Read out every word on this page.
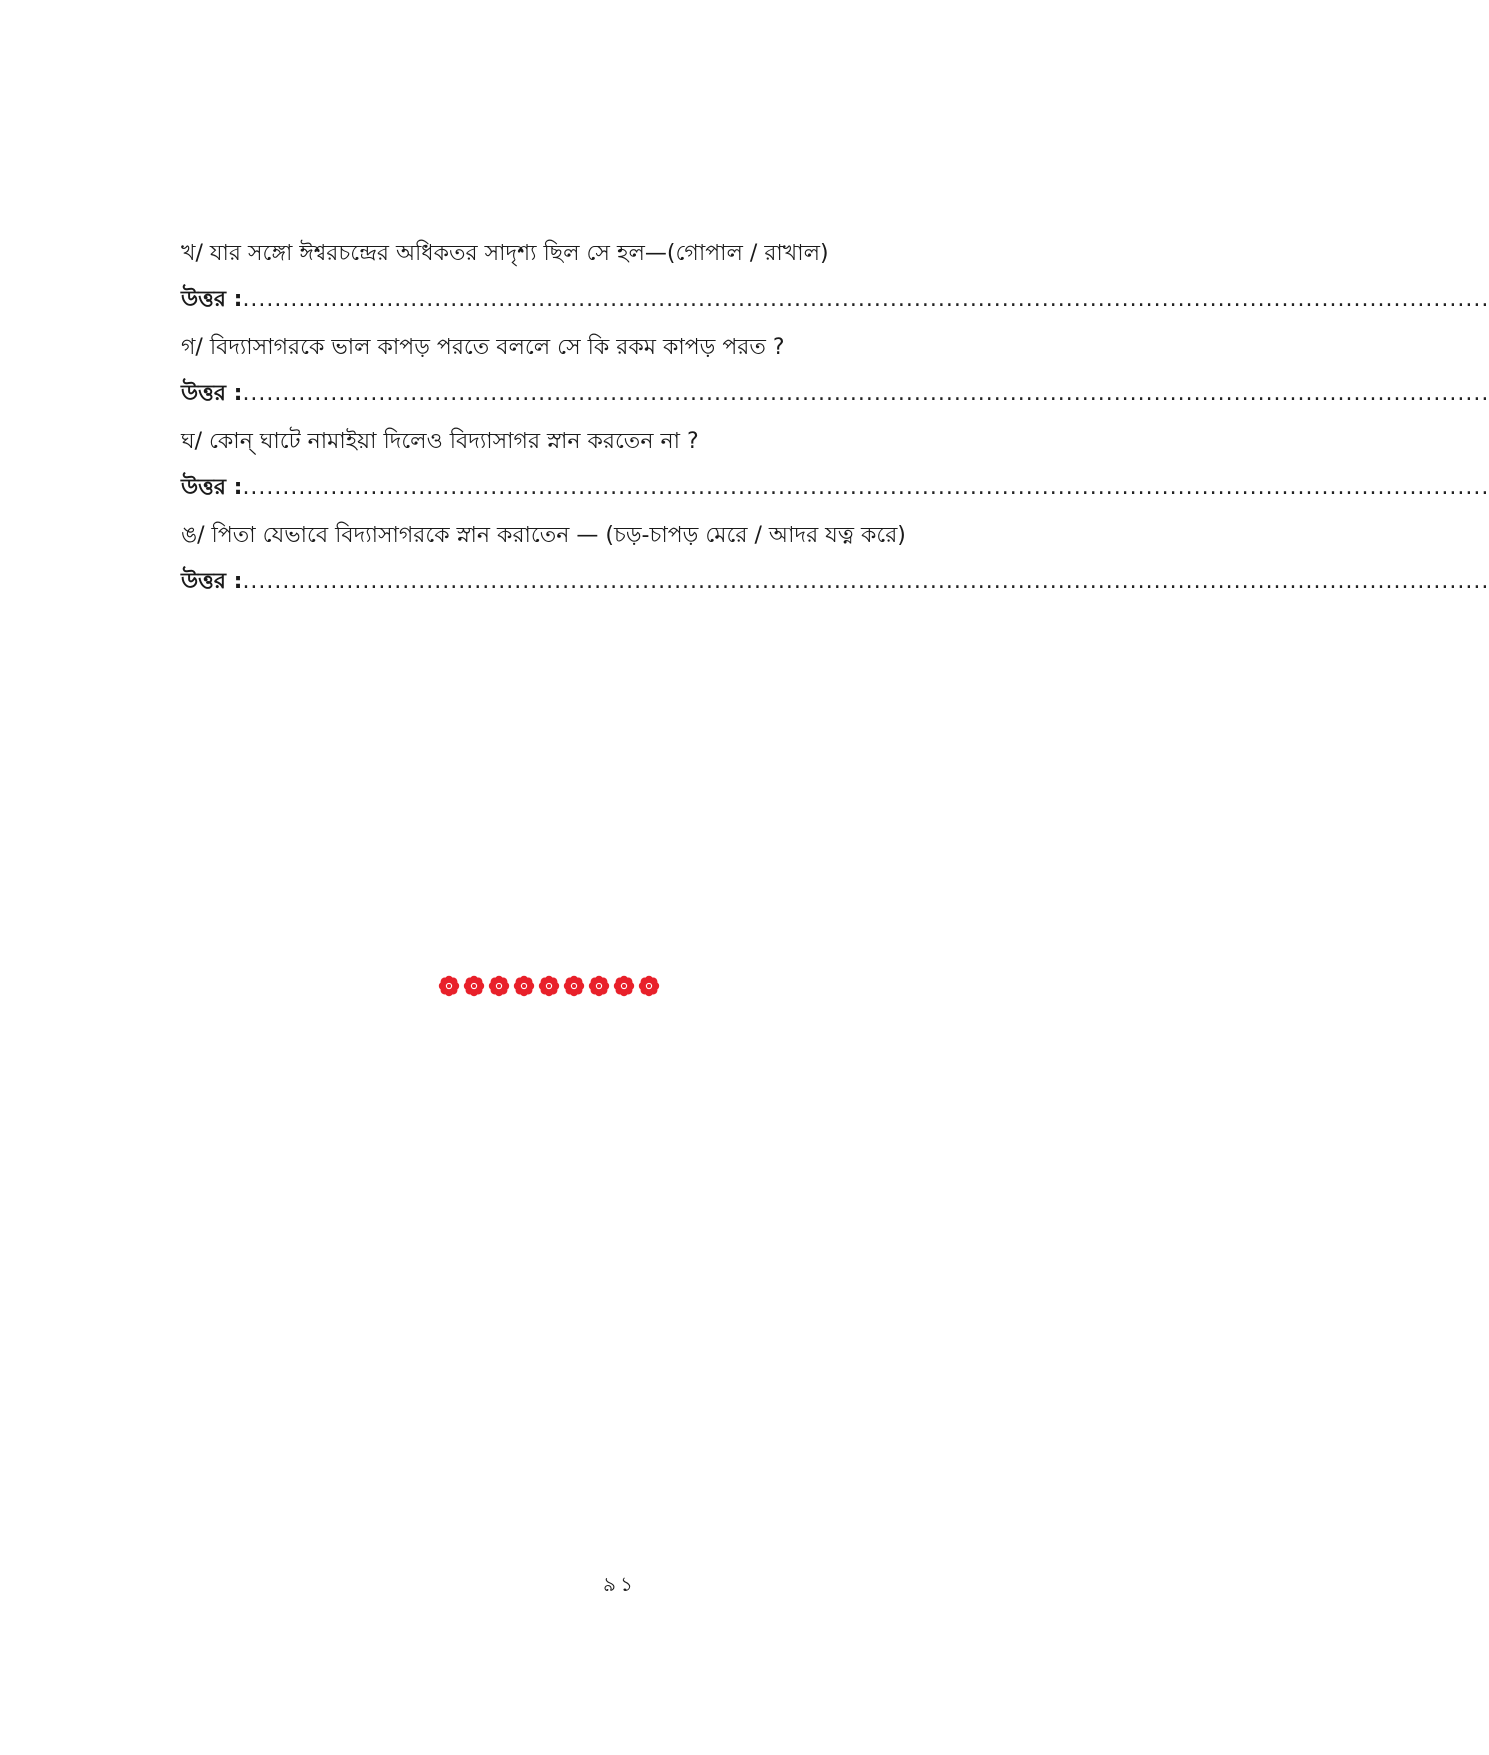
খ/ যার সঙ্গো ঈশ্বরচন্দ্রের অধিকতর সাদৃশ্য ছিল সে হল—(গোপাল / রাখাল)
উত্তর : ............................................................................................................................................................
গ/ বিদ্যাসাগরকে ভাল কাপড় পরতে বললে সে কি রকম কাপড় পরত ?
উত্তর : ............................................................................................................................................................
ঘ/ কোন্ ঘাটে নামাইয়া দিলেও বিদ্যাসাগর স্নান করতেন না ?
উত্তর : ............................................................................................................................................................
ঙ/ পিতা যেভাবে বিদ্যাসাগরকে স্নান করাতেন — (চড়-চাপড় মেরে / আদর যত্ন করে)
উত্তর : ............................................................................................................................................................
৯১
